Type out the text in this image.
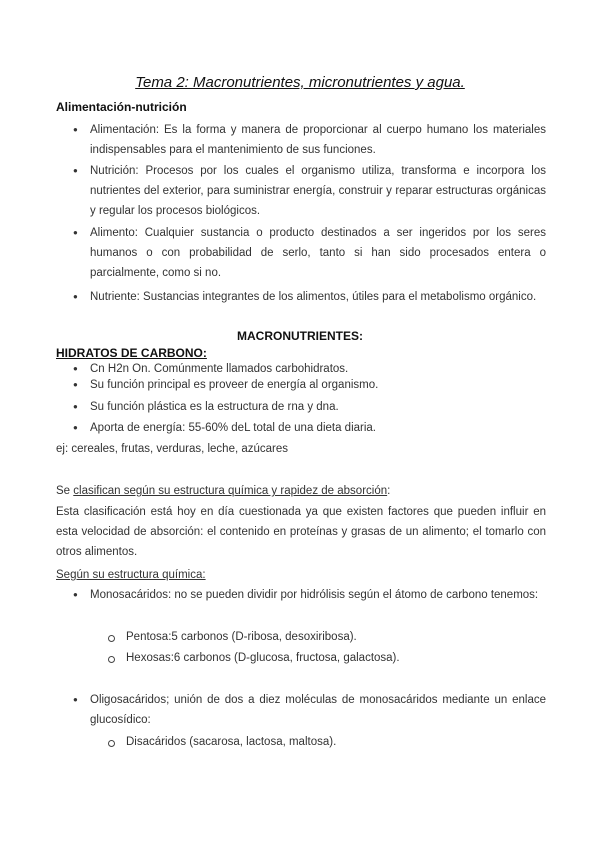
Tema 2: Macronutrientes, micronutrientes y agua.
Alimentación-nutrición
● Alimentación: Es la forma y manera de proporcionar al cuerpo humano los materiales indispensables para el mantenimiento de sus funciones.
● Nutrición: Procesos por los cuales el organismo utiliza, transforma e incorpora los nutrientes del exterior, para suministrar energía, construir y reparar estructuras orgánicas y regular los procesos biológicos.
● Alimento: Cualquier sustancia o producto destinados a ser ingeridos por los seres humanos o con probabilidad de serlo, tanto si han sido procesados entera o parcialmente, como si no.
● Nutriente: Sustancias integrantes de los alimentos, útiles para el metabolismo orgánico.
MACRONUTRIENTES:
HIDRATOS DE CARBONO:
● Cn H2n On. Comúnmente llamados carbohidratos.
● Su función principal es proveer de energía al organismo.
● Su función plástica es la estructura de rna y dna.
● Aporta de energía: 55-60% deL total de una dieta diaria.
ej: cereales, frutas, verduras, leche, azúcares
Se clasifican según su estructura química y rapidez de absorción:
Esta clasificación está hoy en día cuestionada ya que existen factores que pueden influir en esta velocidad de absorción: el contenido en proteínas y grasas de un alimento; el tomarlo con otros alimentos.
Según su estructura química:
● Monosacáridos: no se pueden dividir por hidrólisis según el átomo de carbono tenemos:
Pentosa:5 carbonos (D-ribosa, desoxiribosa).
Hexosas:6 carbonos (D-glucosa, fructosa, galactosa).
● Oligosacáridos; unión de dos a diez moléculas de monosacáridos mediante un enlace glucosídico:
Disacáridos (sacarosa, lactosa, maltosa).
